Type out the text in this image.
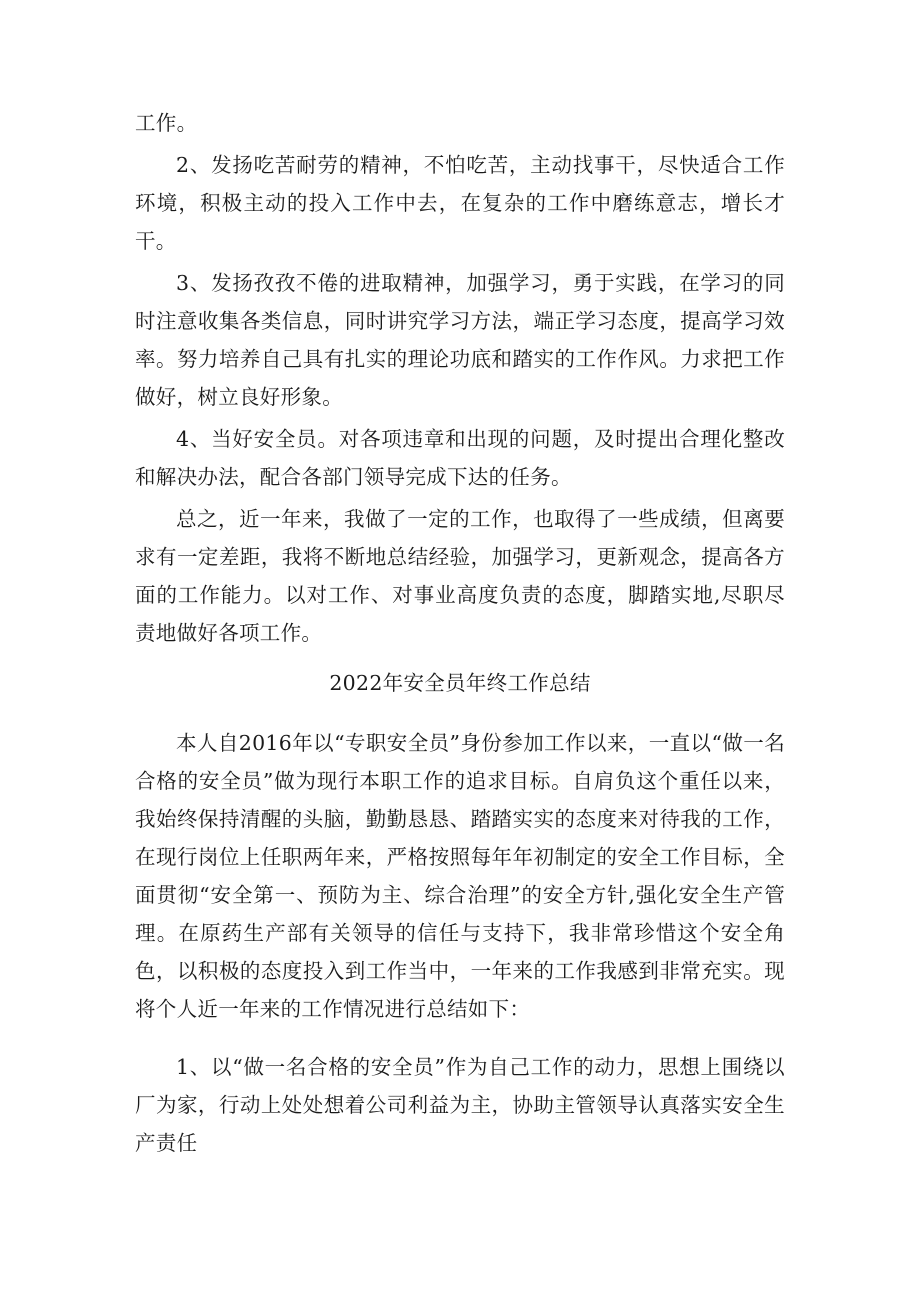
工作。

2、发扬吃苦耐劳的精神，不怕吃苦，主动找事干，尽快适合工作环境，积极主动的投入工作中去，在复杂的工作中磨练意志，增长才干。

3、发扬孜孜不倦的进取精神，加强学习，勇于实践，在学习的同时注意收集各类信息，同时讲究学习方法，端正学习态度，提高学习效率。努力培养自己具有扎实的理论功底和踏实的工作作风。力求把工作做好，树立良好形象。

4、当好安全员。对各项违章和出现的问题，及时提出合理化整改和解决办法，配合各部门领导完成下达的任务。

总之，近一年来，我做了一定的工作，也取得了一些成绩，但离要求有一定差距，我将不断地总结经验，加强学习，更新观念，提高各方面的工作能力。以对工作、对事业高度负责的态度，脚踏实地,尽职尽责地做好各项工作。

2022年安全员年终工作总结

本人自2016年以“专职安全员”身份参加工作以来，一直以“做一名合格的安全员”做为现行本职工作的追求目标。自肩负这个重任以来，我始终保持清醒的头脑，勤勤恳恳、踏踏实实的态度来对待我的工作，在现行岗位上任职两年来，严格按照每年年初制定的安全工作目标，全面贯彻“安全第一、预防为主、综合治理”的安全方针,强化安全生产管理。在原药生产部有关领导的信任与支持下，我非常珍惜这个安全角色，以积极的态度投入到工作当中，一年来的工作我感到非常充实。现将个人近一年来的工作情况进行总结如下：

1、以“做一名合格的安全员”作为自己工作的动力，思想上围绕以厂为家，行动上处处想着公司利益为主，协助主管领导认真落实安全生产责任
